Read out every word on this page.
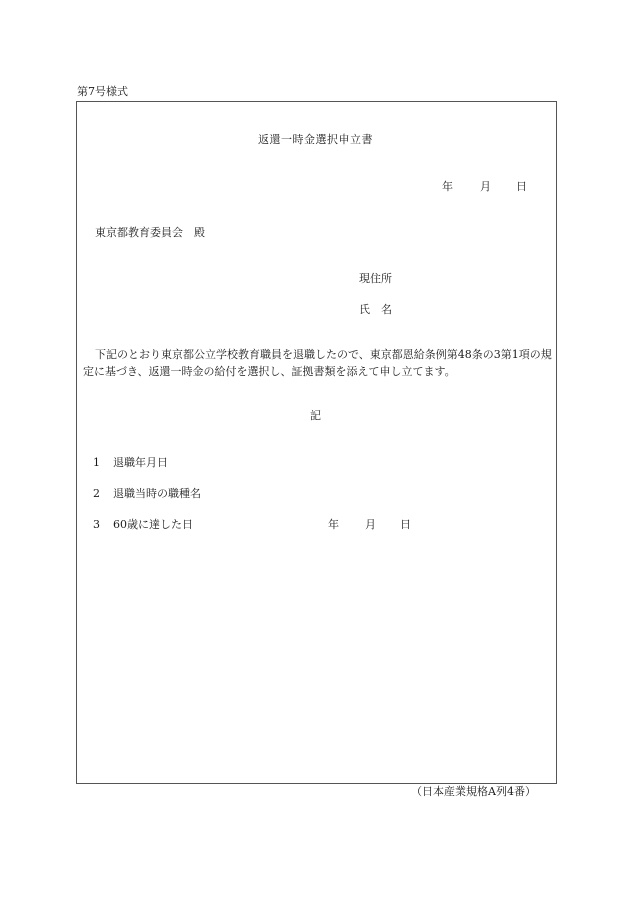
第7号様式
返還一時金選択申立書
年 月 日
東京都教育委員会　殿
現住所
氏　名
下記のとおり東京都公立学校教育職員を退職したので、東京都恩給条例第48条の3第1項の規定に基づき、返還一時金の給付を選択し、証拠書類を添えて申し立てます。
記
1 退職年月日
2 退職当時の職種名
3 60歳に達した日	年 月 日
（日本産業規格A列4番）
